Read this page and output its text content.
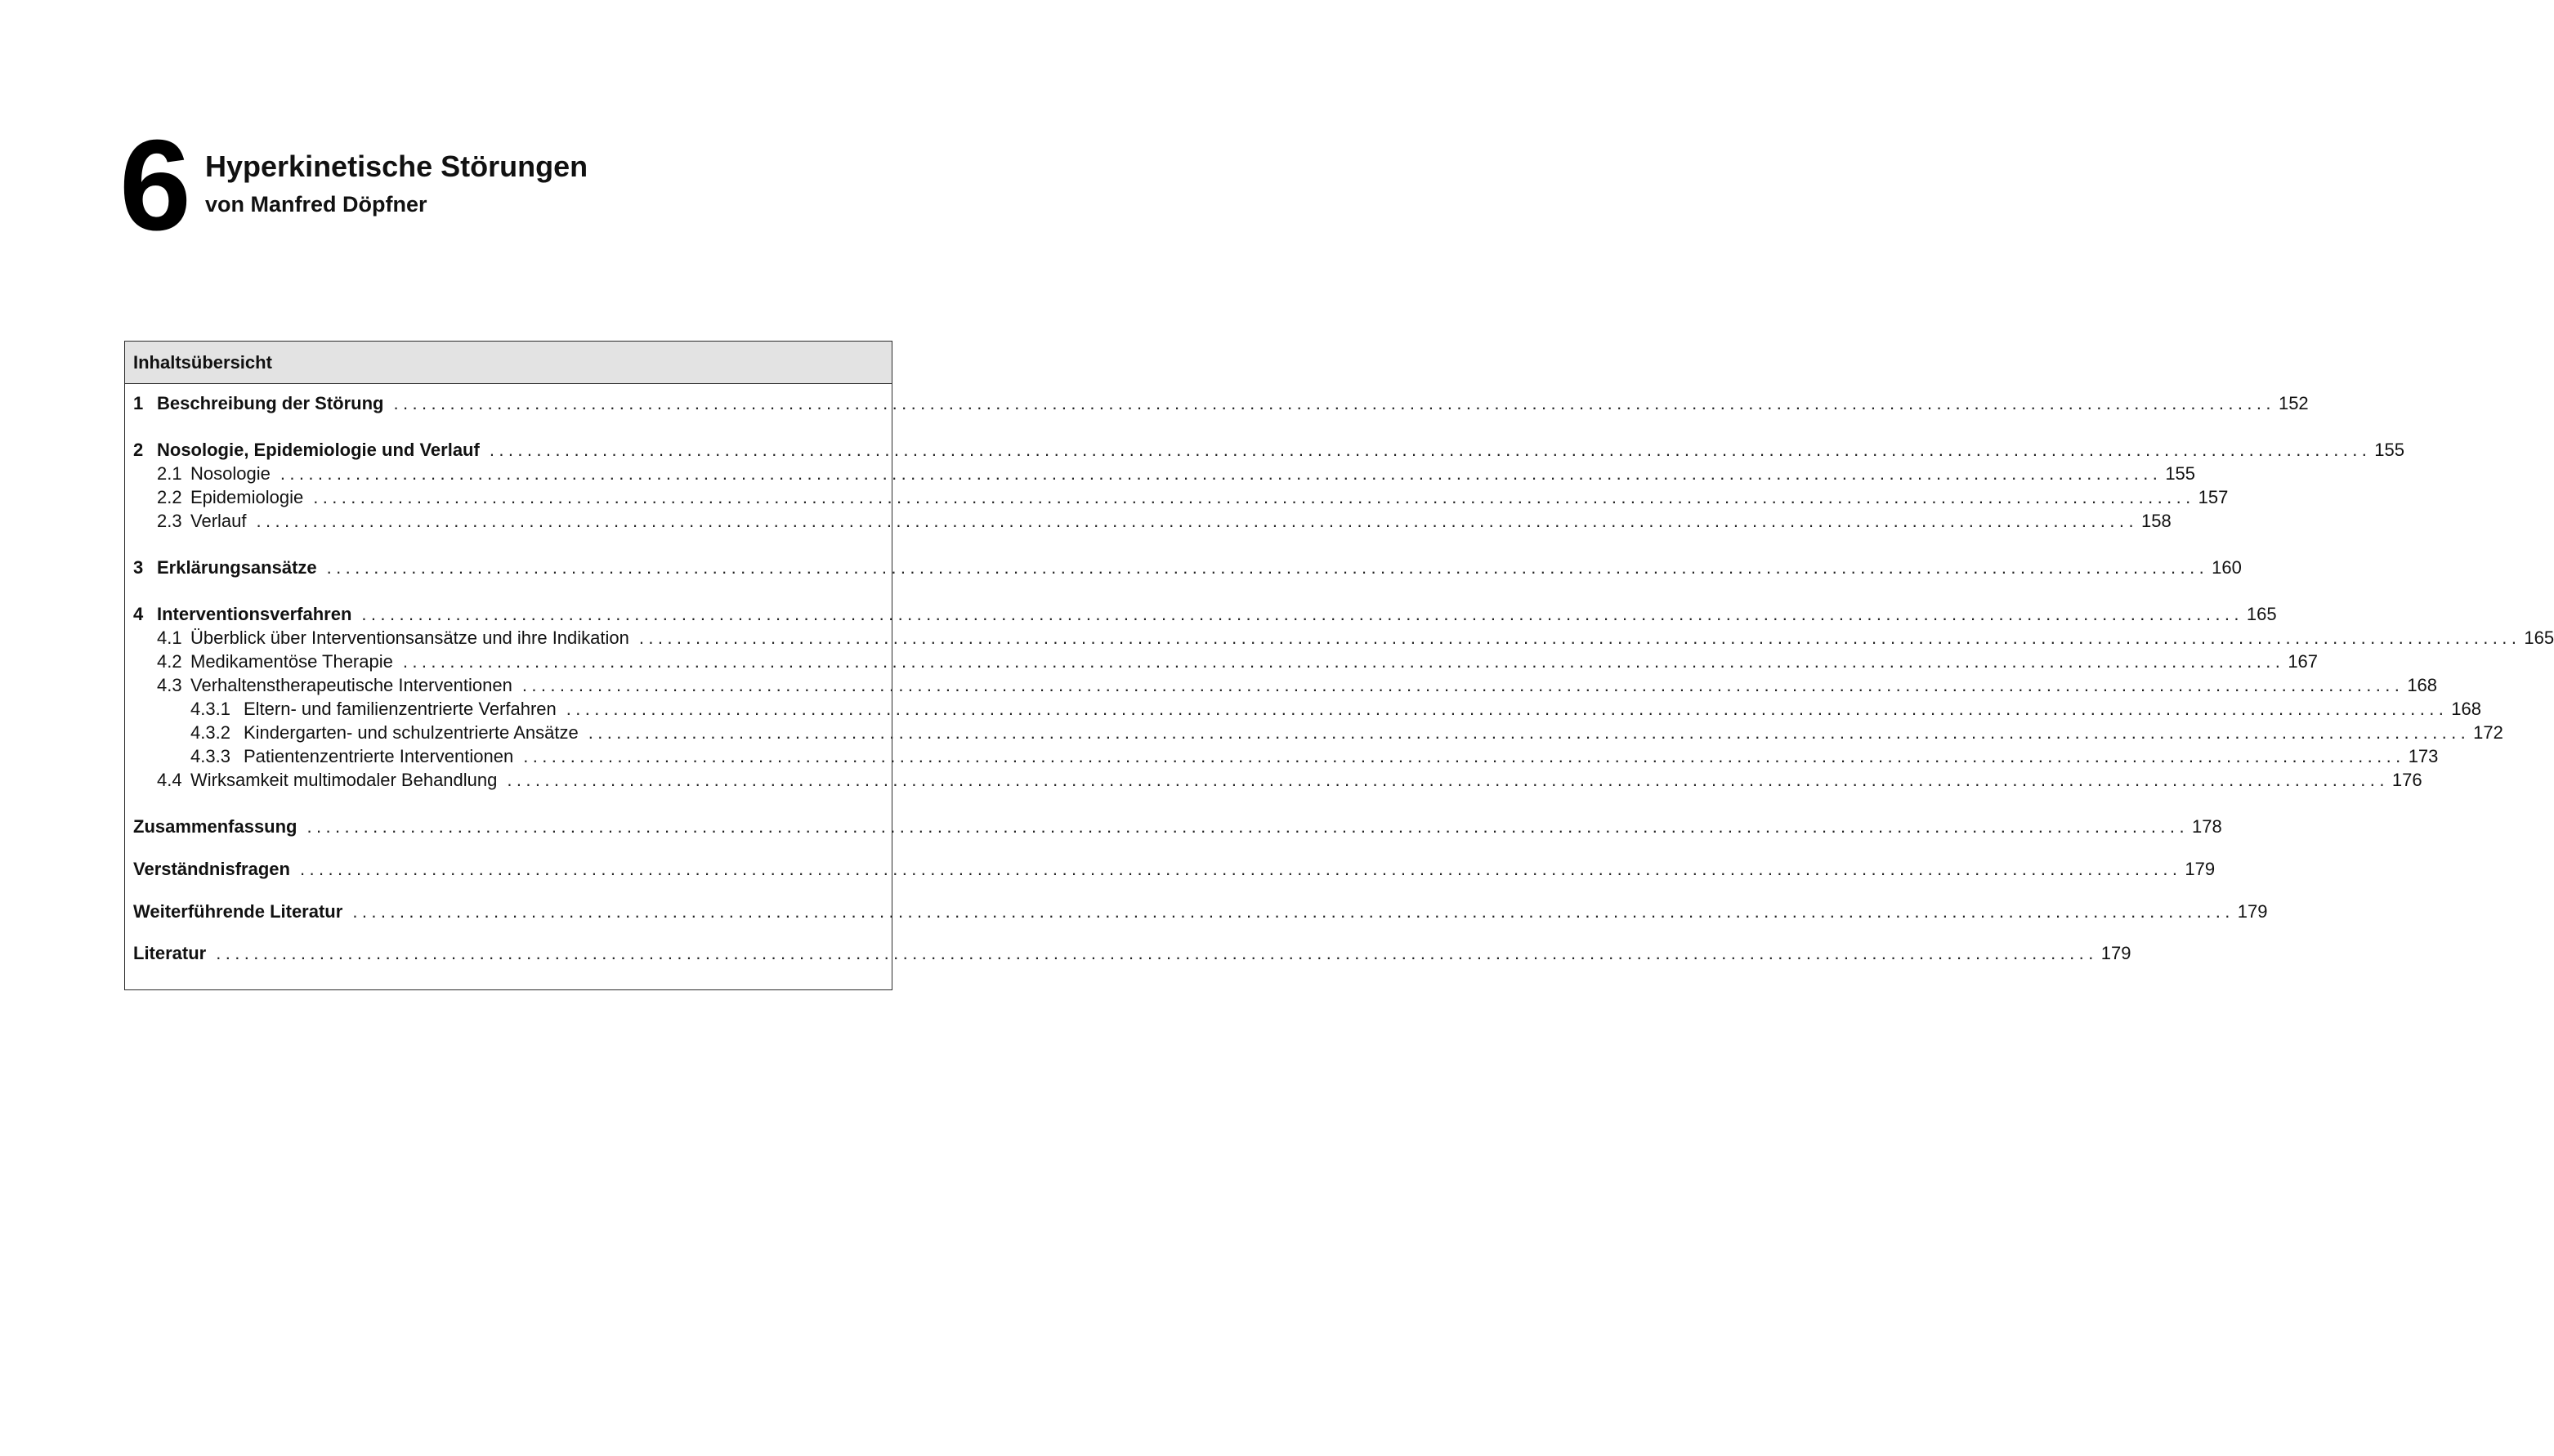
6 Hyperkinetische Störungen
von Manfred Döpfner
Inhaltsübersicht
1 Beschreibung der Störung ........................................................................................................................................................................................................ 152
2 Nosologie, Epidemiologie und Verlauf ........................................................................................................................................................................................................ 155
2.1 Nosologie ........................................................................................................................................................................................................ 155
2.2 Epidemiologie ........................................................................................................................................................................................................ 157
2.3 Verlauf ........................................................................................................................................................................................................ 158
3 Erklärungsansätze ........................................................................................................................................................................................................ 160
4 Interventionsverfahren ........................................................................................................................................................................................................ 165
4.1 Überblick über Interventionsansätze und ihre Indikation ........................................................................................................................................................................................................ 165
4.2 Medikamentöse Therapie ........................................................................................................................................................................................................ 167
4.3 Verhaltenstherapeutische Interventionen ........................................................................................................................................................................................................ 168
4.3.1 Eltern- und familienzentrierte Verfahren ........................................................................................................................................................................................................ 168
4.3.2 Kindergarten- und schulzentrierte Ansätze ........................................................................................................................................................................................................ 172
4.3.3 Patientenzentrierte Interventionen ........................................................................................................................................................................................................ 173
4.4 Wirksamkeit multimodaler Behandlung ........................................................................................................................................................................................................ 176
Zusammenfassung ........................................................................................................................................................................................................ 178
Verständnisfragen ........................................................................................................................................................................................................ 179
Weiterführende Literatur ........................................................................................................................................................................................................ 179
Literatur ........................................................................................................................................................................................................ 179
